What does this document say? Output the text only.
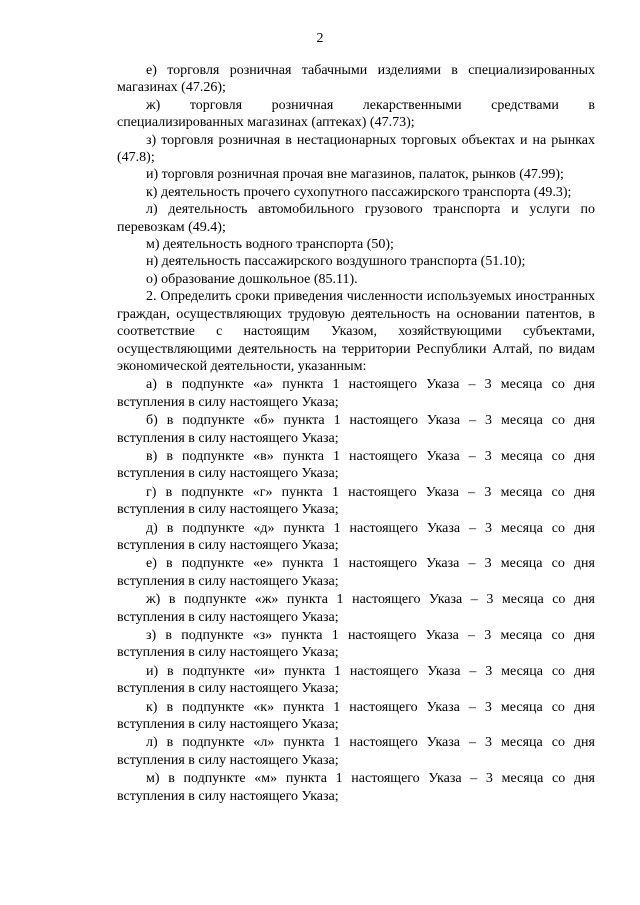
2

е) торговля розничная табачными изделиями в специализированных магазинах (47.26);

ж) торговля розничная лекарственными средствами в специализированных магазинах (аптеках) (47.73);

з) торговля розничная в нестационарных торговых объектах и на рынках (47.8);

и) торговля розничная прочая вне магазинов, палаток, рынков (47.99);

к) деятельность прочего сухопутного пассажирского транспорта (49.3);

л) деятельность автомобильного грузового транспорта и услуги по перевозкам (49.4);

м) деятельность водного транспорта (50);

н) деятельность пассажирского воздушного транспорта (51.10);

о) образование дошкольное (85.11).

2. Определить сроки приведения численности используемых иностранных граждан, осуществляющих трудовую деятельность на основании патентов, в соответствие с настоящим Указом, хозяйствующими субъектами, осуществляющими деятельность на территории Республики Алтай, по видам экономической деятельности, указанным:

а) в подпункте «а» пункта 1 настоящего Указа – 3 месяца со дня вступления в силу настоящего Указа;

б) в подпункте «б» пункта 1 настоящего Указа – 3 месяца со дня вступления в силу настоящего Указа;

в) в подпункте «в» пункта 1 настоящего Указа – 3 месяца со дня вступления в силу настоящего Указа;

г) в подпункте «г» пункта 1 настоящего Указа – 3 месяца со дня вступления в силу настоящего Указа;

д) в подпункте «д» пункта 1 настоящего Указа – 3 месяца со дня вступления в силу настоящего Указа;

е) в подпункте «е» пункта 1 настоящего Указа – 3 месяца со дня вступления в силу настоящего Указа;

ж) в подпункте «ж» пункта 1 настоящего Указа – 3 месяца со дня вступления в силу настоящего Указа;

з) в подпункте «з» пункта 1 настоящего Указа – 3 месяца со дня вступления в силу настоящего Указа;

и) в подпункте «и» пункта 1 настоящего Указа – 3 месяца со дня вступления в силу настоящего Указа;

к) в подпункте «к» пункта 1 настоящего Указа – 3 месяца со дня вступления в силу настоящего Указа;

л) в подпункте «л» пункта 1 настоящего Указа – 3 месяца со дня вступления в силу настоящего Указа;

м) в подпункте «м» пункта 1 настоящего Указа – 3 месяца со дня вступления в силу настоящего Указа;
